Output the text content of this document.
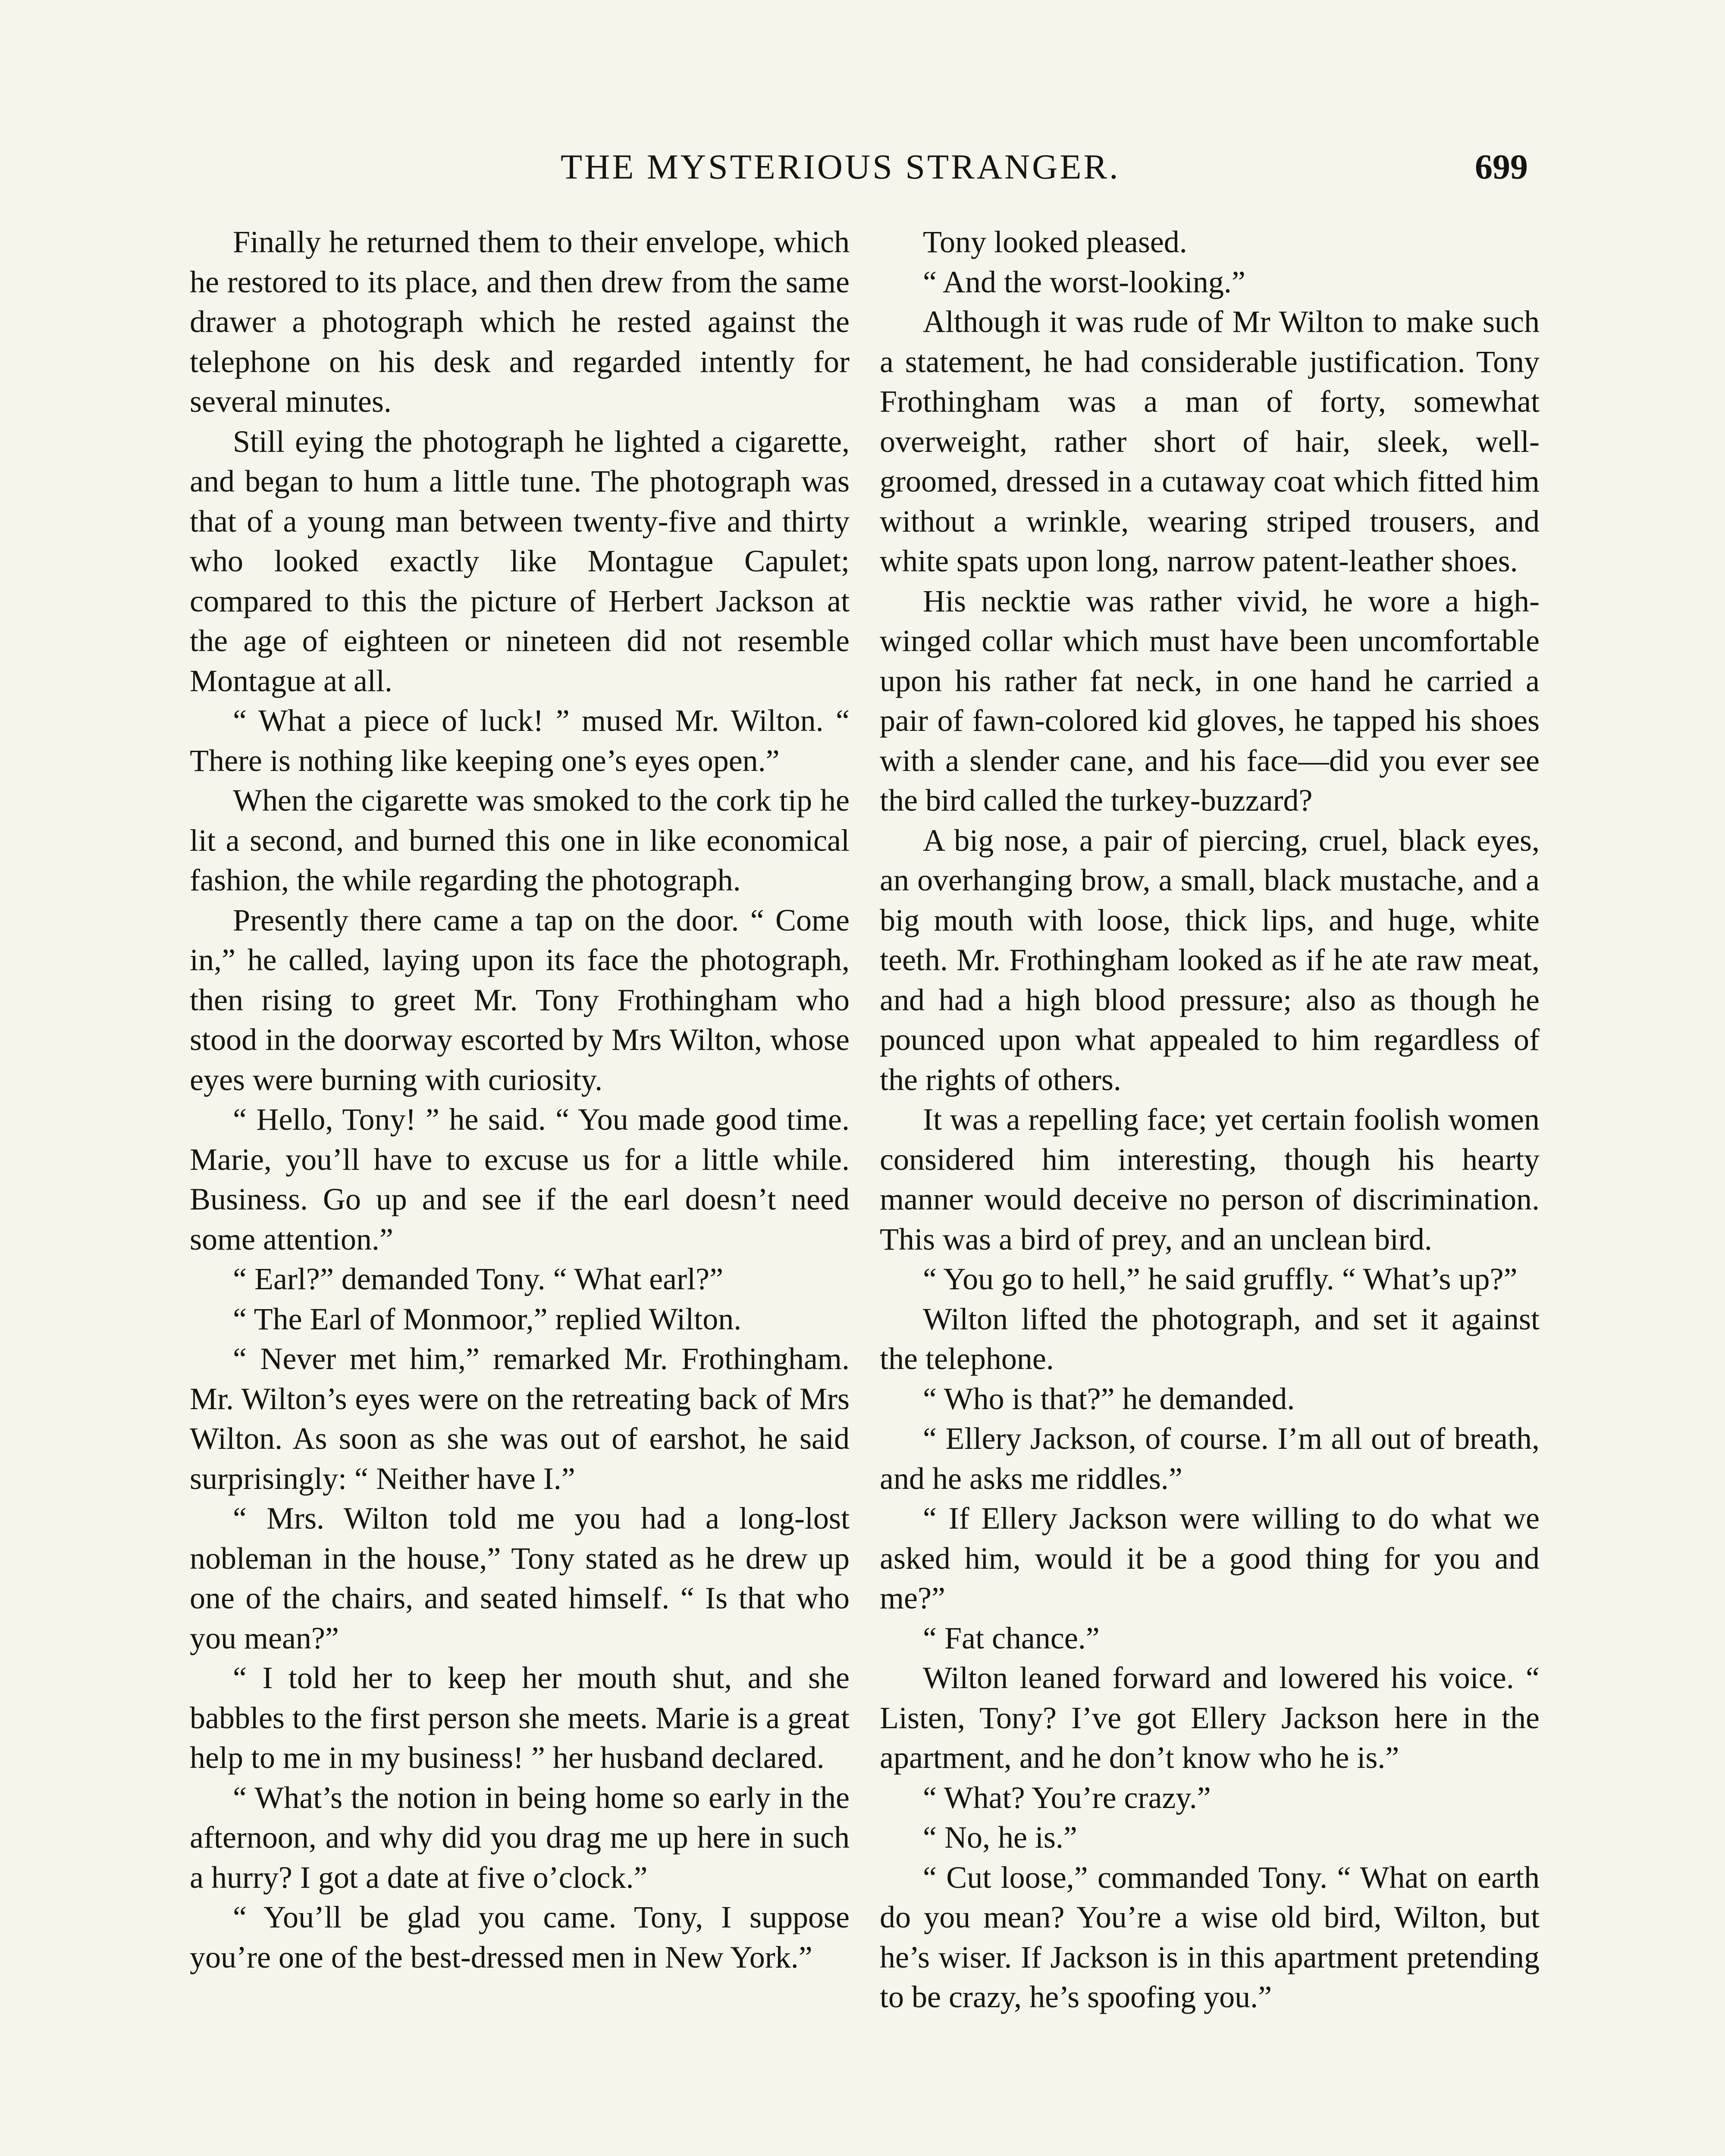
THE MYSTERIOUS STRANGER.	699

Finally he returned them to their envelope, which he restored to its place, and then drew from the same drawer a photograph which he rested against the telephone on his desk and regarded intently for several minutes.

Still eying the photograph he lighted a cigarette, and began to hum a little tune. The photograph was that of a young man between twenty-five and thirty who looked exactly like Montague Capulet; compared to this the picture of Herbert Jackson at the age of eighteen or nineteen did not resemble Montague at all.

“ What a piece of luck! ” mused Mr. Wilton. “ There is nothing like keeping one’s eyes open.”

When the cigarette was smoked to the cork tip he lit a second, and burned this one in like economical fashion, the while regarding the photograph.

Presently there came a tap on the door. “ Come in,” he called, laying upon its face the photograph, then rising to greet Mr. Tony Frothingham who stood in the doorway escorted by Mrs Wilton, whose eyes were burning with curiosity.

“ Hello, Tony! ” he said. “ You made good time. Marie, you’ll have to excuse us for a little while. Business. Go up and see if the earl doesn’t need some attention.”

“ Earl?” demanded Tony. “ What earl?”

“ The Earl of Monmoor,” replied Wilton.

“ Never met him,” remarked Mr. Frothingham. Mr. Wilton’s eyes were on the retreating back of Mrs Wilton. As soon as she was out of earshot, he said surprisingly: “ Neither have I.”

“ Mrs. Wilton told me you had a long-lost nobleman in the house,” Tony stated as he drew up one of the chairs, and seated himself. “ Is that who you mean?”

“ I told her to keep her mouth shut, and she babbles to the first person she meets. Marie is a great help to me in my business! ” her husband declared.

“ What’s the notion in being home so early in the afternoon, and why did you drag me up here in such a hurry? I got a date at five o’clock.”

“ You’ll be glad you came. Tony, I suppose you’re one of the best-dressed men in New York.”

Tony looked pleased.

“ And the worst-looking.”

Although it was rude of Mr Wilton to make such a statement, he had considerable justification. Tony Frothingham was a man of forty, somewhat overweight, rather short of hair, sleek, well-groomed, dressed in a cutaway coat which fitted him without a wrinkle, wearing striped trousers, and white spats upon long, narrow patent-leather shoes.

His necktie was rather vivid, he wore a high-winged collar which must have been uncomfortable upon his rather fat neck, in one hand he carried a pair of fawn-colored kid gloves, he tapped his shoes with a slender cane, and his face—did you ever see the bird called the turkey-buzzard?

A big nose, a pair of piercing, cruel, black eyes, an overhanging brow, a small, black mustache, and a big mouth with loose, thick lips, and huge, white teeth. Mr. Frothingham looked as if he ate raw meat, and had a high blood pressure; also as though he pounced upon what appealed to him regardless of the rights of others.

It was a repelling face; yet certain foolish women considered him interesting, though his hearty manner would deceive no person of discrimination. This was a bird of prey, and an unclean bird.

“ You go to hell,” he said gruffly. “ What’s up?”

Wilton lifted the photograph, and set it against the telephone.

“ Who is that?” he demanded.

“ Ellery Jackson, of course. I’m all out of breath, and he asks me riddles.”

“ If Ellery Jackson were willing to do what we asked him, would it be a good thing for you and me?”

“ Fat chance.”

Wilton leaned forward and lowered his voice. “ Listen, Tony? I’ve got Ellery Jackson here in the apartment, and he don’t know who he is.”

“ What? You’re crazy.”

“ No, he is.”

“ Cut loose,” commanded Tony. “ What on earth do you mean? You’re a wise old bird, Wilton, but he’s wiser. If Jackson is in this apartment pretending to be crazy, he’s spoofing you.”
